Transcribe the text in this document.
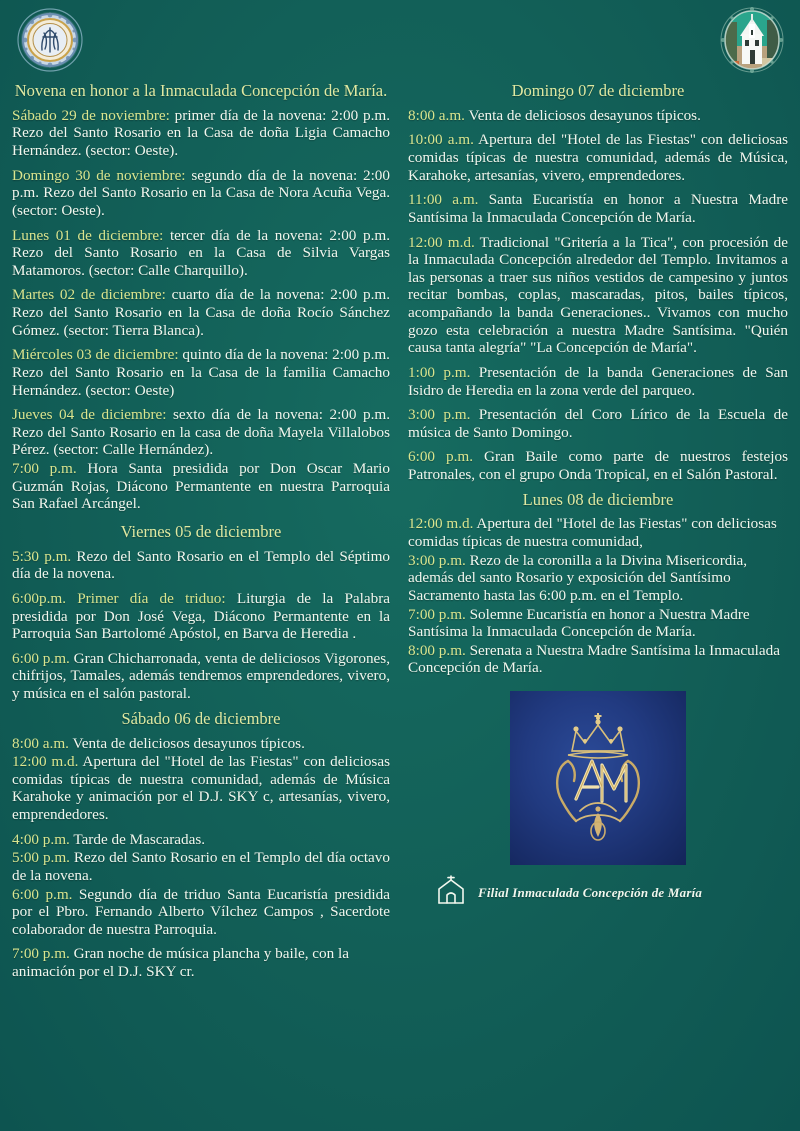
Novena en honor a la Inmaculada Concepción de María.

Sábado 29 de noviembre: primer día de la novena: 2:00 p.m. Rezo del Santo Rosario en la Casa de doña Ligia Camacho Hernández. (sector: Oeste).

Domingo 30 de noviembre: segundo día de la novena: 2:00 p.m. Rezo del Santo Rosario en la Casa de Nora Acuña Vega. (sector: Oeste).

Lunes 01 de diciembre: tercer día de la novena: 2:00 p.m. Rezo del Santo Rosario en la Casa de Silvia Vargas Matamoros. (sector: Calle Charquillo).

Martes 02 de diciembre: cuarto día de la novena: 2:00 p.m. Rezo del Santo Rosario en la Casa de doña Rocío Sánchez Gómez. (sector: Tierra Blanca).

Miércoles 03 de diciembre: quinto día de la novena: 2:00 p.m. Rezo del Santo Rosario en la Casa de la familia Camacho Hernández. (sector: Oeste)

Jueves 04 de diciembre: sexto día de la novena: 2:00 p.m. Rezo del Santo Rosario en la casa de doña Mayela Villalobos Pérez. (sector: Calle Hernández).

7:00 p.m. Hora Santa presidida por Don Oscar Mario Guzmán Rojas, Diácono Permantente en nuestra Parroquia San Rafael Arcángel.

Viernes 05 de diciembre

5:30 p.m. Rezo del Santo Rosario en el Templo del Séptimo día de la novena.

6:00p.m. Primer día de triduo: Liturgia de la Palabra presidida por Don José Vega, Diácono Permantente en la Parroquia San Bartolomé Apóstol, en Barva de Heredia .

6:00 p.m. Gran Chicharronada, venta de deliciosos Vigorones, chifrijos, Tamales, además tendremos emprendedores, vivero, y música en el salón pastoral.

Sábado 06 de diciembre

8:00 a.m. Venta de deliciosos desayunos típicos.

12:00 m.d. Apertura del "Hotel de las Fiestas" con deliciosas comidas típicas de nuestra comunidad, además de Música Karahoke y animación por el D.J. SKY c, artesanías, vivero, emprendedores.

4:00 p.m. Tarde de Mascaradas.

5:00 p.m. Rezo del Santo Rosario en el Templo del día octavo de la novena.

6:00 p.m. Segundo día de triduo Santa Eucaristía presidida por el Pbro. Fernando Alberto Vílchez Campos , Sacerdote colaborador de nuestra Parroquia.

7:00 p.m. Gran noche de música plancha y baile, con la animación por el D.J. SKY cr.

Domingo 07 de diciembre

8:00 a.m. Venta de deliciosos desayunos típicos.

10:00 a.m. Apertura del "Hotel de las Fiestas" con deliciosas comidas típicas de nuestra comunidad, además de Música, Karahoke, artesanías, vivero, emprendedores.

11:00 a.m. Santa Eucaristía en honor a Nuestra Madre Santísima la Inmaculada Concepción de María.

12:00 m.d. Tradicional "Gritería a la Tica", con procesión de la Inmaculada Concepción alrededor del Templo. Invitamos a las personas a traer sus niños vestidos de campesino y juntos recitar bombas, coplas, mascaradas, pitos, bailes típicos, acompañando la banda Generaciones.. Vivamos con mucho gozo esta celebración a nuestra Madre Santísima. "Quién causa tanta alegría" "La Concepción de María".

1:00 p.m. Presentación de la banda Generaciones de San Isidro de Heredia en la zona verde del parqueo.

3:00 p.m. Presentación del Coro Lírico de la Escuela de música de Santo Domingo.

6:00 p.m. Gran Baile como parte de nuestros festejos Patronales, con el grupo Onda Tropical, en el Salón Pastoral.

Lunes 08 de diciembre

12:00 m.d. Apertura del "Hotel de las Fiestas" con deliciosas comidas típicas de nuestra comunidad,

3:00 p.m. Rezo de la coronilla a la Divina Misericordia, además del santo Rosario y exposición del Santísimo Sacramento hasta las 6:00 p.m. en el Templo.

7:00 p.m. Solemne Eucaristía en honor a Nuestra Madre Santísima la Inmaculada Concepción de María.

8:00 p.m. Serenata a Nuestra Madre Santísima la Inmaculada Concepción de María.

Filial Inmaculada Concepción de María
